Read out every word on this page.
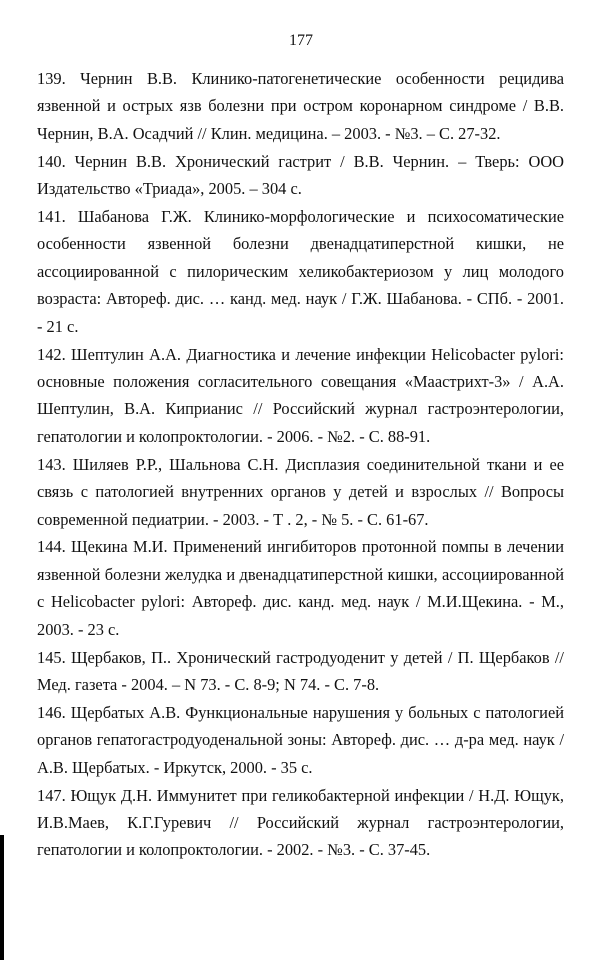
177

139. Чернин В.В. Клинико-патогенетические особенности рецидива язвенной и острых язв болезни при остром коронарном синдроме / В.В. Чернин, В.А. Осадчий // Клин. медицина. – 2003. - №3. – С. 27-32.

140. Чернин В.В. Хронический гастрит / В.В. Чернин. – Тверь: ООО Издательство «Триада», 2005. – 304 с.

141. Шабанова Г.Ж. Клинико-морфологические и психосоматические особенности язвенной болезни двенадцатиперстной кишки, не ассоциированной с пилорическим хеликобактериозом у лиц молодого возраста: Автореф. дис. … канд. мед. наук / Г.Ж. Шабанова. - СПб. - 2001. - 21 с.

142. Шептулин А.А. Диагностика и лечение инфекции Helicobacter pylori: основные положения согласительного совещания «Маастрихт-3» / А.А. Шептулин, В.А. Киприанис // Российский журнал гастроэнтерологии, гепатологии и колопроктологии. - 2006. - №2. - С. 88-91.

143. Шиляев Р.Р., Шальнова С.Н. Дисплазия соединительной ткани и ее связь с патологией внутренних органов у детей и взрослых // Вопросы современной педиатрии. - 2003. - Т . 2, - № 5. - С. 61-67.

144. Щекина М.И. Применений ингибиторов протонной помпы в лечении язвенной болезни желудка и двенадцатиперстной кишки, ассоциированной с Helicobacter pylori: Автореф. дис. канд. мед. наук / М.И.Щекина. - М., 2003. - 23 с.

145. Щербаков, П.. Хронический гастродуоденит у детей / П. Щербаков // Мед. газета - 2004. – N 73. - С. 8-9; N 74. - С. 7-8.

146. Щербатых А.В. Функциональные нарушения у больных с патологией органов гепатогастродуоденальной зоны: Автореф. дис. … д-ра мед. наук / А.В. Щербатых. - Иркутск, 2000. - 35 с.

147. Ющук Д.Н. Иммунитет при геликобактерной инфекции / Н.Д. Ющук, И.В.Маев, К.Г.Гуревич // Российский журнал гастроэнтерологии, гепатологии и колопроктологии. - 2002. - №3. - С. 37-45.
